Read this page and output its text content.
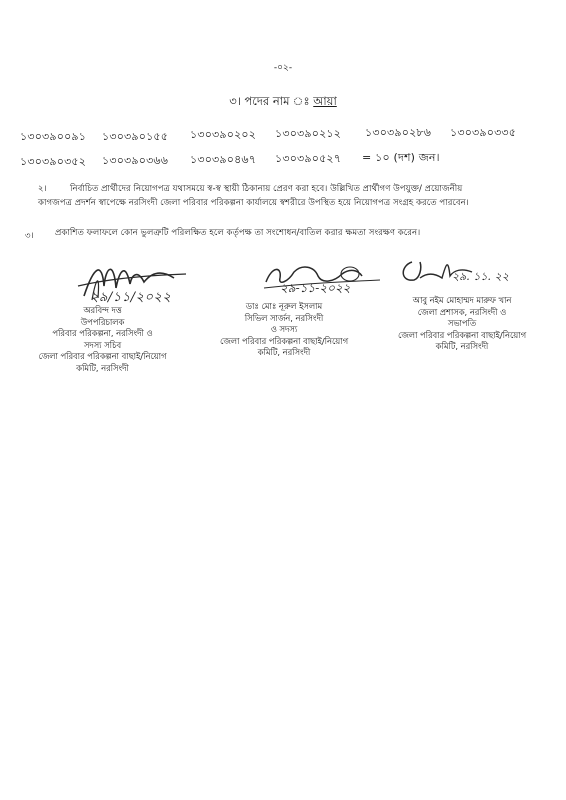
-০২-
৩। পদের নাম ঃ আয়া
১৩০৩৯০০৯১ ১৩০৩৯০১৫৫ ১৩০৩৯০২০২ ১৩০৩৯০২১২ ১৩০৩৯০২৮৬ ১৩০৩৯০৩৩৫
১৩০৩৯০৩৫২ ১৩০৩৯০৩৬৬ ১৩০৩৯০৪৬৭ ১৩০৩৯০৫২৭ = ১০ (দশ) জন।
২।	নির্বাচিত প্রার্থীদের নিয়োগপত্র যথাসময়ে স্ব-স্ব স্থায়ী ঠিকানায় প্রেরণ করা হবে। উল্লিখিত প্রার্থীগণ উপযুক্ত/ প্রয়োজনীয়
কাগজপত্র প্রদর্শন স্বাপেক্ষে নরসিংদী জেলা পরিবার পরিকল্পনা কার্যালয়ে স্বশরীরে উপস্থিত হয়ে নিয়োগপত্র সংগ্রহ করতে পারবেন।
৩। প্রকাশিত ফলাফলে কোন ভুলত্রুটি পরিলক্ষিত হলে কর্তৃপক্ষ তা সংশোধন/বাতিল করার ক্ষমতা সংরক্ষণ করেন।
২৯/১১/২০২২
২৯-১১-২০২২
২৯. ১১. ২২
অরবিন্দ দত্ত
উপপরিচালক
পরিবার পরিকল্পনা, নরসিংদী ও
সদস্য সচিব
জেলা পরিবার পরিকল্পনা বাছাই/নিয়োগ
কমিটি, নরসিংদী
ডাঃ মোঃ নূরুল ইসলাম
সিভিল সার্জন, নরসিংদী
ও সদস্য
জেলা পরিবার পরিকল্পনা বাছাই/নিয়োগ
কমিটি, নরসিংদী
আবু নইম মোহাম্মদ মারুফ খান
জেলা প্রশাসক, নরসিংদী ও
সভাপতি
জেলা পরিবার পরিকল্পনা বাছাই/নিয়োগ
কমিটি, নরসিংদী
